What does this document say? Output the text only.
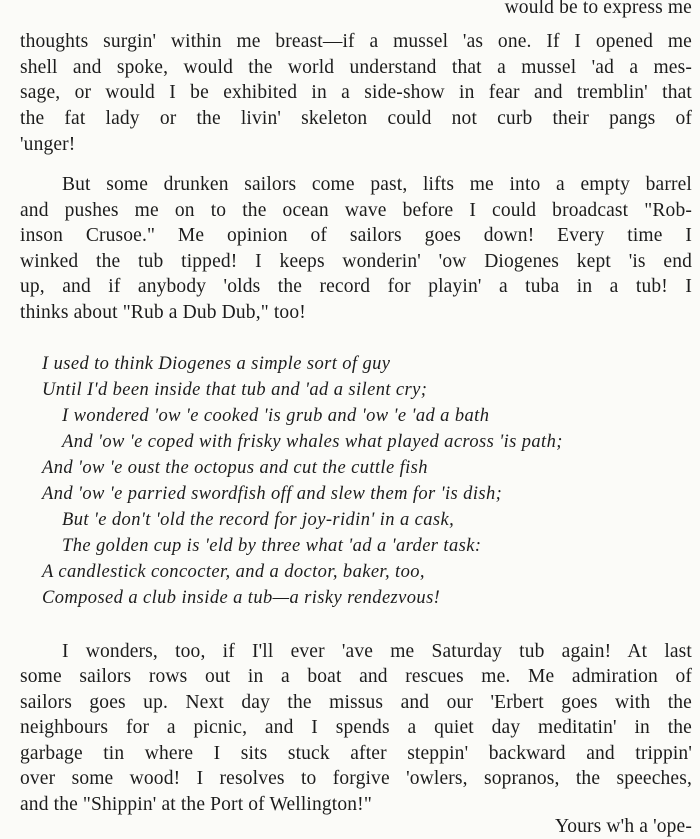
would be to express me
thoughts surgin' within me breast—if a mussel 'as one. If I opened me
shell and spoke, would the world understand that a mussel 'ad a mes-
sage, or would I be exhibited in a side-show in fear and tremblin' that
the fat lady or the livin' skeleton could not curb their pangs of
'unger!
But some drunken sailors come past, lifts me into a empty barrel
and pushes me on to the ocean wave before I could broadcast "Rob-
inson Crusoe." Me opinion of sailors goes down! Every time I
winked the tub tipped! I keeps wonderin' 'ow Diogenes kept 'is end
up, and if anybody 'olds the record for playin' a tuba in a tub! I
thinks about "Rub a Dub Dub," too!
I used to think Diogenes a simple sort of guy
Until I'd been inside that tub and 'ad a silent cry;
I wondered 'ow 'e cooked 'is grub and 'ow 'e 'ad a bath
And 'ow 'e coped with frisky whales what played across 'is path;
And 'ow 'e oust the octopus and cut the cuttle fish
And 'ow 'e parried swordfish off and slew them for 'is dish;
But 'e don't 'old the record for joy-ridin' in a cask,
The golden cup is 'eld by three what 'ad a 'arder task:
A candlestick concocter, and a doctor, baker, too,
Composed a club inside a tub—a risky rendezvous!
I wonders, too, if I'll ever 'ave me Saturday tub again! At last
some sailors rows out in a boat and rescues me. Me admiration of
sailors goes up. Next day the missus and our 'Erbert goes with the
neighbours for a picnic, and I spends a quiet day meditatin' in the
garbage tin where I sits stuck after steppin' backward and trippin'
over some wood! I resolves to forgive 'owlers, sopranos, the speeches,
and the "Shippin' at the Port of Wellington!"
Yours w'h a 'ope-
